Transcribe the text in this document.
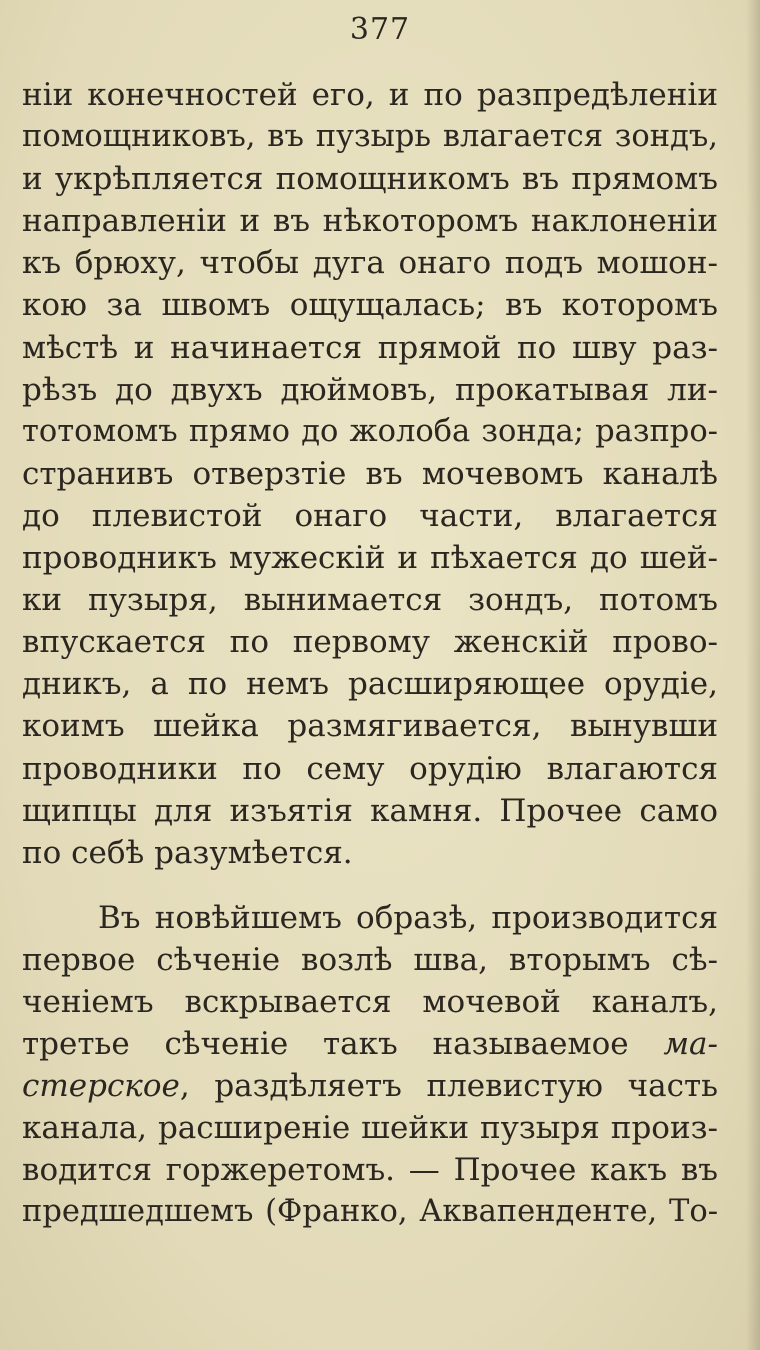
377
нiи конечностей его, и по разпредѣленiи
помощниковъ, въ пузырь влагается зондъ,
и укрѣпляется помощникомъ въ прямомъ
направленiи и въ нѣкоторомъ наклоненiи
къ брюху, чтобы дуга онаго подъ мошон-
кою за швомъ ощущалась; въ которомъ
мѣстѣ и начинается прямой по шву раз-
рѣзъ до двухъ дюймовъ, прокатывая ли-
тотомомъ прямо до жолоба зонда; разпро-
странивъ отверзтiе въ мочевомъ каналѣ
до плевистой онаго части, влагается
проводникъ мужескiй и пѣхается до шей-
ки пузыря, вынимается зондъ, потомъ
впускается по первому женскiй прово-
дникъ, а по немъ расширяющее орудiе,
коимъ шейка размягивается, вынувши
проводники по сему орудiю влагаются
щипцы для изъятiя камня. Прочее само
по себѣ разумѣется.
Въ новѣйшемъ образѣ, производится
первое сѣченiе возлѣ шва, вторымъ сѣ-
ченiемъ вскрывается мочевой каналъ,
третье сѣченiе такъ называемое ма-
стерское, раздѣляетъ плевистую часть
канала, расширенiе шейки пузыря произ-
водится горжеретомъ. — Прочее какъ въ
предшедшемъ (Франко, Аквапенденте, То-
